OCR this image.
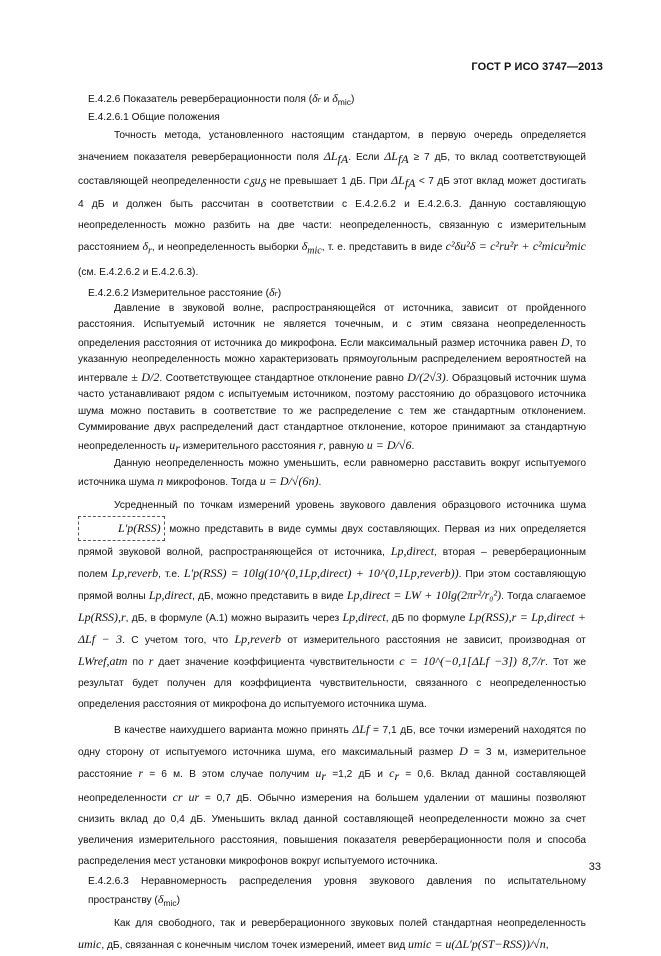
ГОСТ Р ИСО 3747—2013

Е.4.2.6 Показатель реверберационности поля (δr и $\delta_{mic}$)

Е.4.2.6.1 Общие положения

Точность метода, установленного настоящим стандартом, в первую очередь определяется значением показателя реверберационности поля $\Delta L_{fA}$. Если $\Delta L_{fA} \ge 7$ дБ, то вклад соответствующей составляющей неопределенности $c_\delta u_\delta$ не превышает 1 дБ. При $\Delta L_{fA} < 7$ дБ этот вклад может достигать 4 дБ и должен быть рассчитан в соответствии с Е.4.2.6.2 и Е.4.2.6.3. Данную составляющую неопределенность можно разбить на две части: неопределенность, связанную с измерительным расстоянием $\delta_r$, и неопределенность выборки $\delta_{mic}$, т. е. представить в виде c²δu²δ = c²ru²r + c²micu²mic (см. Е.4.2.6.2 и Е.4.2.6.3).

Е.4.2.6.2 Измерительное расстояние (δr)

Давление в звуковой волне, распространяющейся от источника, зависит от пройденного расстояния. Испытуемый источник не является точечным, и с этим связана неопределенность определения расстояния от источника до микрофона. Если максимальный размер источника равен D, то указанную неопределенность можно характеризовать прямоугольным распределением вероятностей на интервале ± D/2. Соответствующее стандартное отклонение равно D/(2√3). Образцовый источник шума часто устанавливают рядом с испытуемым источником, поэтому расстоянию до образцового источника шума можно поставить в соответствие то же распределение с тем же стандартным отклонением. Суммирование двух распределений даст стандартное отклонение, которое принимают за стандартную неопределенность $u_r$ измерительного расстояния r, равную u = D/√6.

Данную неопределенность можно уменьшить, если равномерно расставить вокруг испытуемого источника шума n микрофонов. Тогда u = D/√(6n).

Усредненный по точкам измерений уровень звукового давления образцового источника шума L′p(RSS) можно представить в виде суммы двух составляющих. Первая из них определяется прямой звуковой волной, распространяющейся от источника, Lp,direct, вторая – реверберационным полем Lp,reverb, т.е. L′p(RSS) = 10lg(10^(0,1Lp,direct) + 10^(0,1Lp,reverb)). При этом составляющую прямой волны Lp,direct, дБ, можно представить в виде Lp,direct = LW + 10lg(2πr²/r₀²). Тогда слагаемое Lp(RSS),r, дБ, в формуле (А.1) можно выразить через Lp,direct, дБ по формуле Lp(RSS),r = Lp,direct + ΔLf − 3. С учетом того, что Lp,reverb от измерительного расстояния не зависит, производная от LWref,atm по r дает значение коэффициента чувствительности c = 10^(−0,1[ΔLf −3]) 8,7/r. Тот же результат будет получен для коэффициента чувствительности, связанного с неопределенностью определения расстояния от микрофона до испытуемого источника шума.

В качестве наихудшего варианта можно принять ΔLf = 7,1 дБ, все точки измерений находятся по одну сторону от испытуемого источника шума, его максимальный размер D = 3 м, измерительное расстояние r = 6 м. В этом случае получим $u_r =1,2$ дБ и $c_r = 0,6$. Вклад данной составляющей неопределенности cr ur = 0,7 дБ. Обычно измерения на большем удалении от машины позволяют снизить вклад до 0,4 дБ. Уменьшить вклад данной составляющей неопределенности можно за счет увеличения измерительного расстояния, повышения показателя реверберационности поля и способа распределения мест установки микрофонов вокруг испытуемого источника.

Е.4.2.6.3 Неравномерность распределения уровня звукового давления по испытательному пространству $(\delta_{mic})$

Как для свободного, так и реверберационного звуковых полей стандартная неопределенность umic, дБ, связанная с конечным числом точек измерений, имеет вид umic = u(ΔL′p(ST−RSS))/√n,

33
